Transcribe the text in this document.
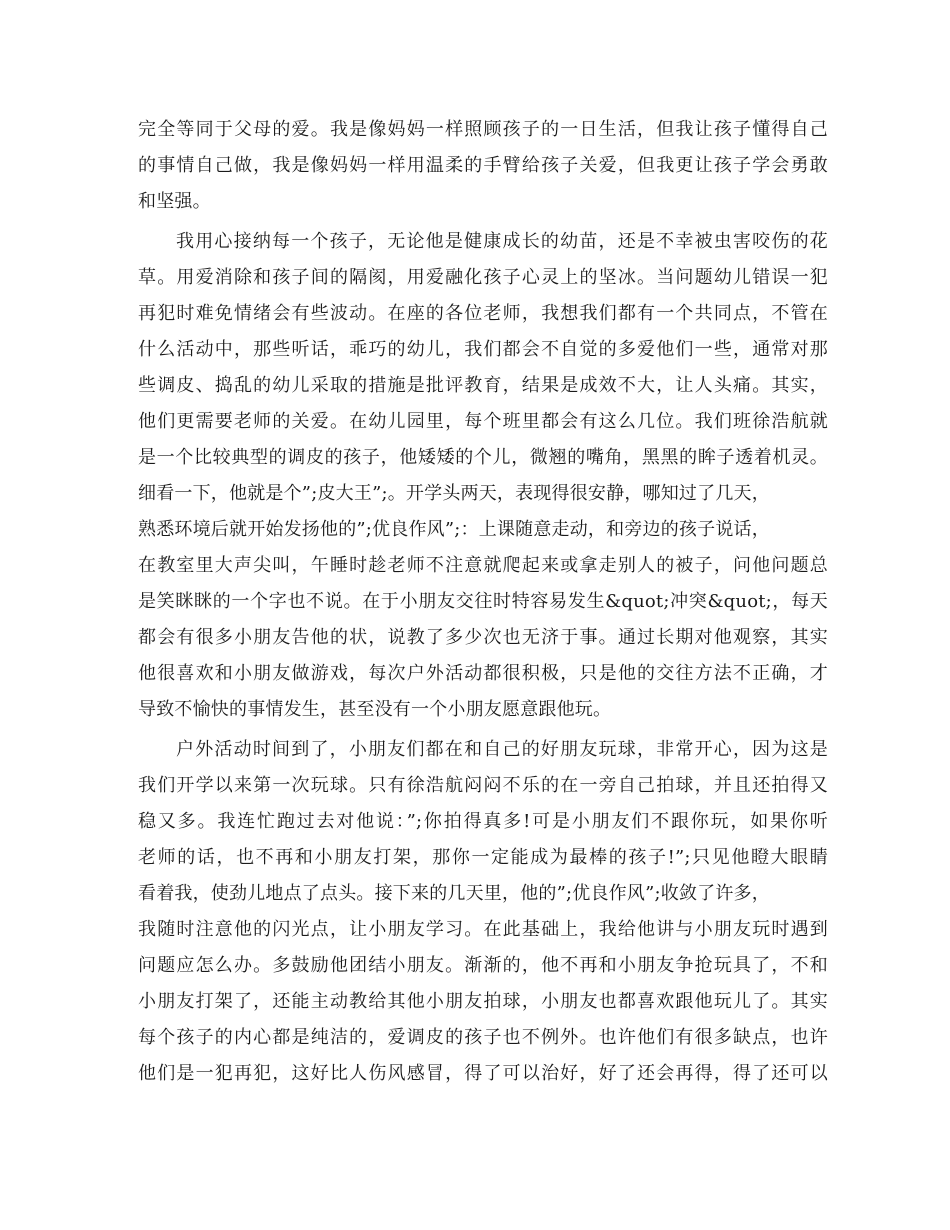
完全等同于父母的爱。我是像妈妈一样照顾孩子的一日生活，但我让孩子懂得自己
的事情自己做，我是像妈妈一样用温柔的手臂给孩子关爱，但我更让孩子学会勇敢
和坚强。
我用心接纳每一个孩子，无论他是健康成长的幼苗，还是不幸被虫害咬伤的花
草。用爱消除和孩子间的隔阂，用爱融化孩子心灵上的坚冰。当问题幼儿错误一犯
再犯时难免情绪会有些波动。在座的各位老师，我想我们都有一个共同点，不管在
什么活动中，那些听话，乖巧的幼儿，我们都会不自觉的多爱他们一些，通常对那
些调皮、捣乱的幼儿采取的措施是批评教育，结果是成效不大，让人头痛。其实，
他们更需要老师的关爱。在幼儿园里，每个班里都会有这么几位。我们班徐浩航就
是一个比较典型的调皮的孩子，他矮矮的个儿，微翘的嘴角，黑黑的眸子透着机灵。
细看一下，他就是个”;皮大王”;。开学头两天，表现得很安静，哪知过了几天，
熟悉环境后就开始发扬他的”;优良作风”;：上课随意走动，和旁边的孩子说话，
在教室里大声尖叫，午睡时趁老师不注意就爬起来或拿走别人的被子，问他问题总
是笑眯眯的一个字也不说。在于小朋友交往时特容易发生&quot;冲突&quot;，每天
都会有很多小朋友告他的状，说教了多少次也无济于事。通过长期对他观察，其实
他很喜欢和小朋友做游戏，每次户外活动都很积极，只是他的交往方法不正确，才
导致不愉快的事情发生，甚至没有一个小朋友愿意跟他玩。
户外活动时间到了，小朋友们都在和自己的好朋友玩球，非常开心，因为这是
我们开学以来第一次玩球。只有徐浩航闷闷不乐的在一旁自己拍球，并且还拍得又
稳又多。我连忙跑过去对他说：”;你拍得真多!可是小朋友们不跟你玩，如果你听
老师的话，也不再和小朋友打架，那你一定能成为最棒的孩子!”;只见他瞪大眼睛
看着我，使劲儿地点了点头。接下来的几天里，他的”;优良作风”;收敛了许多，
我随时注意他的闪光点，让小朋友学习。在此基础上，我给他讲与小朋友玩时遇到
问题应怎么办。多鼓励他团结小朋友。渐渐的，他不再和小朋友争抢玩具了，不和
小朋友打架了，还能主动教给其他小朋友拍球，小朋友也都喜欢跟他玩儿了。其实
每个孩子的内心都是纯洁的，爱调皮的孩子也不例外。也许他们有很多缺点，也许
他们是一犯再犯，这好比人伤风感冒，得了可以治好，好了还会再得，得了还可以
